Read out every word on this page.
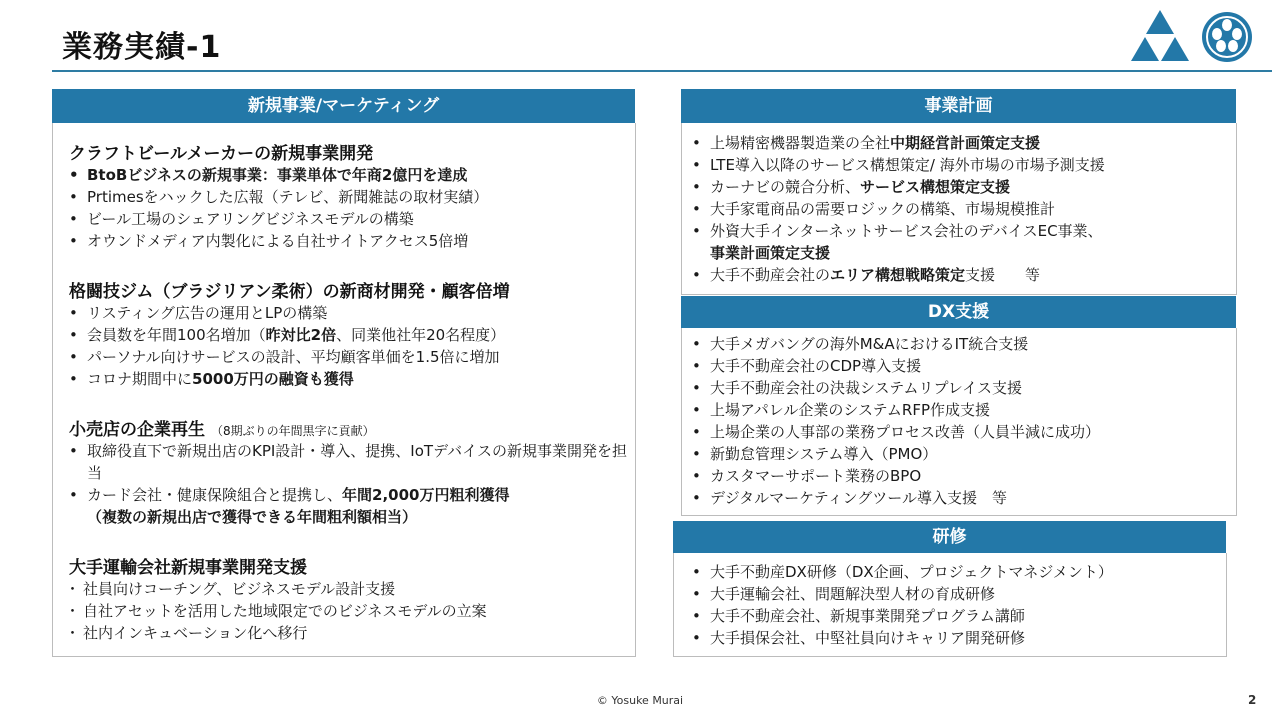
業務実績-1
新規事業/マーケティング
クラフトビールメーカーの新規事業開発
• BtoBビジネスの新規事業：事業単体で年商2億円を達成
• Prtimesをハックした広報（テレビ、新聞雑誌の取材実績）
• ビール工場のシェアリングビジネスモデルの構築
• オウンドメディア内製化による自社サイトアクセス5倍増
格闘技ジム（ブラジリアン柔術）の新商材開発・顧客倍増
• リスティング広告の運用とLPの構築
• 会員数を年間100名増加（昨対比2倍、同業他社年20名程度）
• パーソナル向けサービスの設計、平均顧客単価を1.5倍に増加
• コロナ期間中に5000万円の融資も獲得
小売店の企業再生 （8期ぶりの年間黒字に貢献）
• 取締役直下で新規出店のKPI設計・導入、提携、IoTデバイスの新規事業開発を担当
• カード会社・健康保険組合と提携し、年間2,000万円粗利獲得
（複数の新規出店で獲得できる年間粗利額相当）
大手運輸会社新規事業開発支援
・ 社員向けコーチング、ビジネスモデル設計支援
・ 自社アセットを活用した地域限定でのビジネスモデルの立案
・ 社内インキュベーション化へ移行
事業計画
• 上場精密機器製造業の全社中期経営計画策定支援
• LTE導入以降のサービス構想策定/ 海外市場の市場予測支援
• カーナビの競合分析、サービス構想策定支援
• 大手家電商品の需要ロジックの構築、市場規模推計
• 外資大手インターネットサービス会社のデバイスEC事業、
事業計画策定支援
• 大手不動産会社のエリア構想戦略策定支援　　等
DX支援
• 大手メガバングの海外M&AにおけるIT統合支援
• 大手不動産会社のCDP導入支援
• 大手不動産会社の決裁システムリプレイス支援
• 上場アパレル企業のシステムRFP作成支援
• 上場企業の人事部の業務プロセス改善（人員半減に成功）
• 新勤怠管理システム導入（PMO）
• カスタマーサポート業務のBPO
• デジタルマーケティングツール導入支援　等
研修
• 大手不動産DX研修（DX企画、プロジェクトマネジメント）
• 大手運輸会社、問題解決型人材の育成研修
• 大手不動産会社、新規事業開発プログラム講師
• 大手損保会社、中堅社員向けキャリア開発研修
© Yosuke Murai	2
